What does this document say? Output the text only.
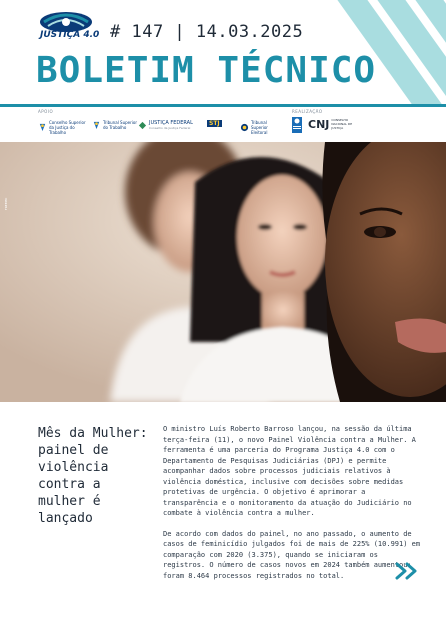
JUSTIÇA 4.0 # 147 | 14.03.2025
BOLETIM TÉCNICO
APOIO	REALIZAÇÃO
Conselho Superior da Justiça do Trabalho
Tribunal Superior do Trabalho
JUSTIÇA FEDERAL
Conselho da Justiça Federal
STJ	Tribunal Superior Eleitoral
CNJ CONSELHO NACIONAL DE JUSTIÇA
FREEPIK
Mês da Mulher: painel de violência contra a mulher é lançado

O ministro Luís Roberto Barroso lançou, na sessão da última terça-feira (11), o novo Painel Violência contra a Mulher. A ferramenta é uma parceria do Programa Justiça 4.0 com o Departamento de Pesquisas Judiciárias (DPJ) e permite acompanhar dados sobre processos judiciais relativos à violência doméstica, inclusive com decisões sobre medidas protetivas de urgência. O objetivo é aprimorar a transparência e o monitoramento da atuação do Judiciário no combate à violência contra a mulher.

De acordo com dados do painel, no ano passado, o aumento de casos de feminicídio julgados foi de mais de 225% (10.991) em comparação com 2020 (3.375), quando se iniciaram os registros. O número de casos novos em 2024 também aumentou: foram 8.464 processos registrados no total.
